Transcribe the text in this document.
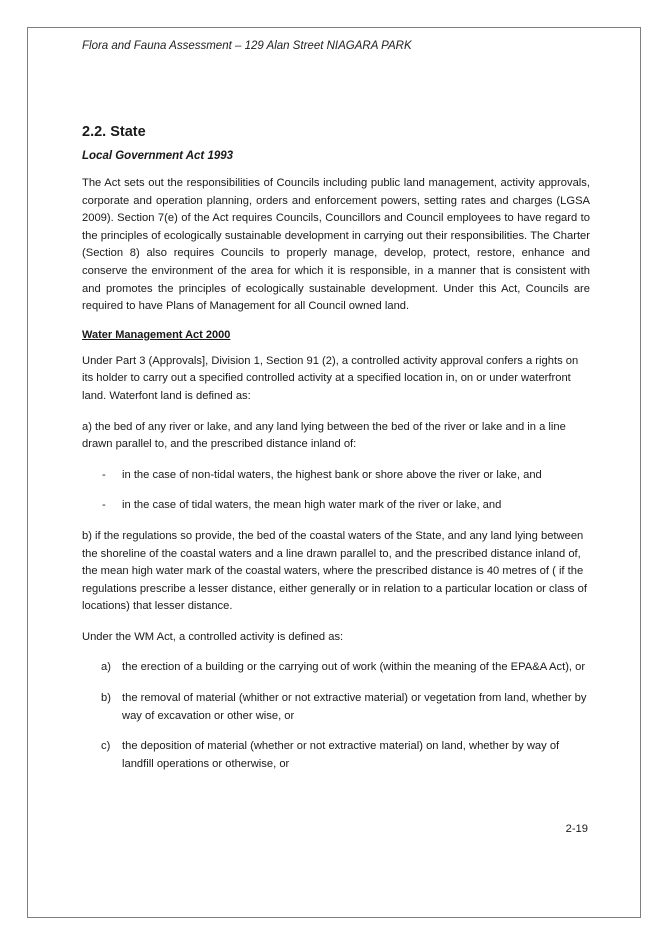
Flora and Fauna Assessment – 129 Alan Street NIAGARA PARK
2.2. State
Local Government Act 1993

The Act sets out the responsibilities of Councils including public land management, activity approvals, corporate and operation planning, orders and enforcement powers, setting rates and charges (LGSA 2009). Section 7(e) of the Act requires Councils, Councillors and Council employees to have regard to the principles of ecologically sustainable development in carrying out their responsibilities. The Charter (Section 8) also requires Councils to properly manage, develop, protect, restore, enhance and conserve the environment of the area for which it is responsible, in a manner that is consistent with and promotes the principles of ecologically sustainable development. Under this Act, Councils are required to have Plans of Management for all Council owned land.

Water Management Act 2000

Under Part 3 (Approvals], Division 1, Section 91 (2), a controlled activity approval confers a rights on its holder to carry out a specified controlled activity at a specified location in, on or under waterfront land. Waterfont land is defined as:

a) the bed of any river or lake, and any land lying between the bed of the river or lake and in a line drawn parallel to, and the prescribed distance inland of:

- in the case of non-tidal waters, the highest bank or shore above the river or lake, and
- in the case of tidal waters, the mean high water mark of the river or lake, and

b) if the regulations so provide, the bed of the coastal waters of the State, and any land lying between the shoreline of the coastal waters and a line drawn parallel to, and the prescribed distance inland of, the mean high water mark of the coastal waters, where the prescribed distance is 40 metres of ( if the regulations prescribe a lesser distance, either generally or in relation to a particular location or class of locations) that lesser distance.

Under the WM Act, a controlled activity is defined as:

a) the erection of a building or the carrying out of work (within the meaning of the EPA&A Act), or
b) the removal of material (whither or not extractive material) or vegetation from land, whether by way of excavation or other wise, or
c) the deposition of material (whether or not extractive material) on land, whether by way of landfill operations or otherwise, or
2-19
